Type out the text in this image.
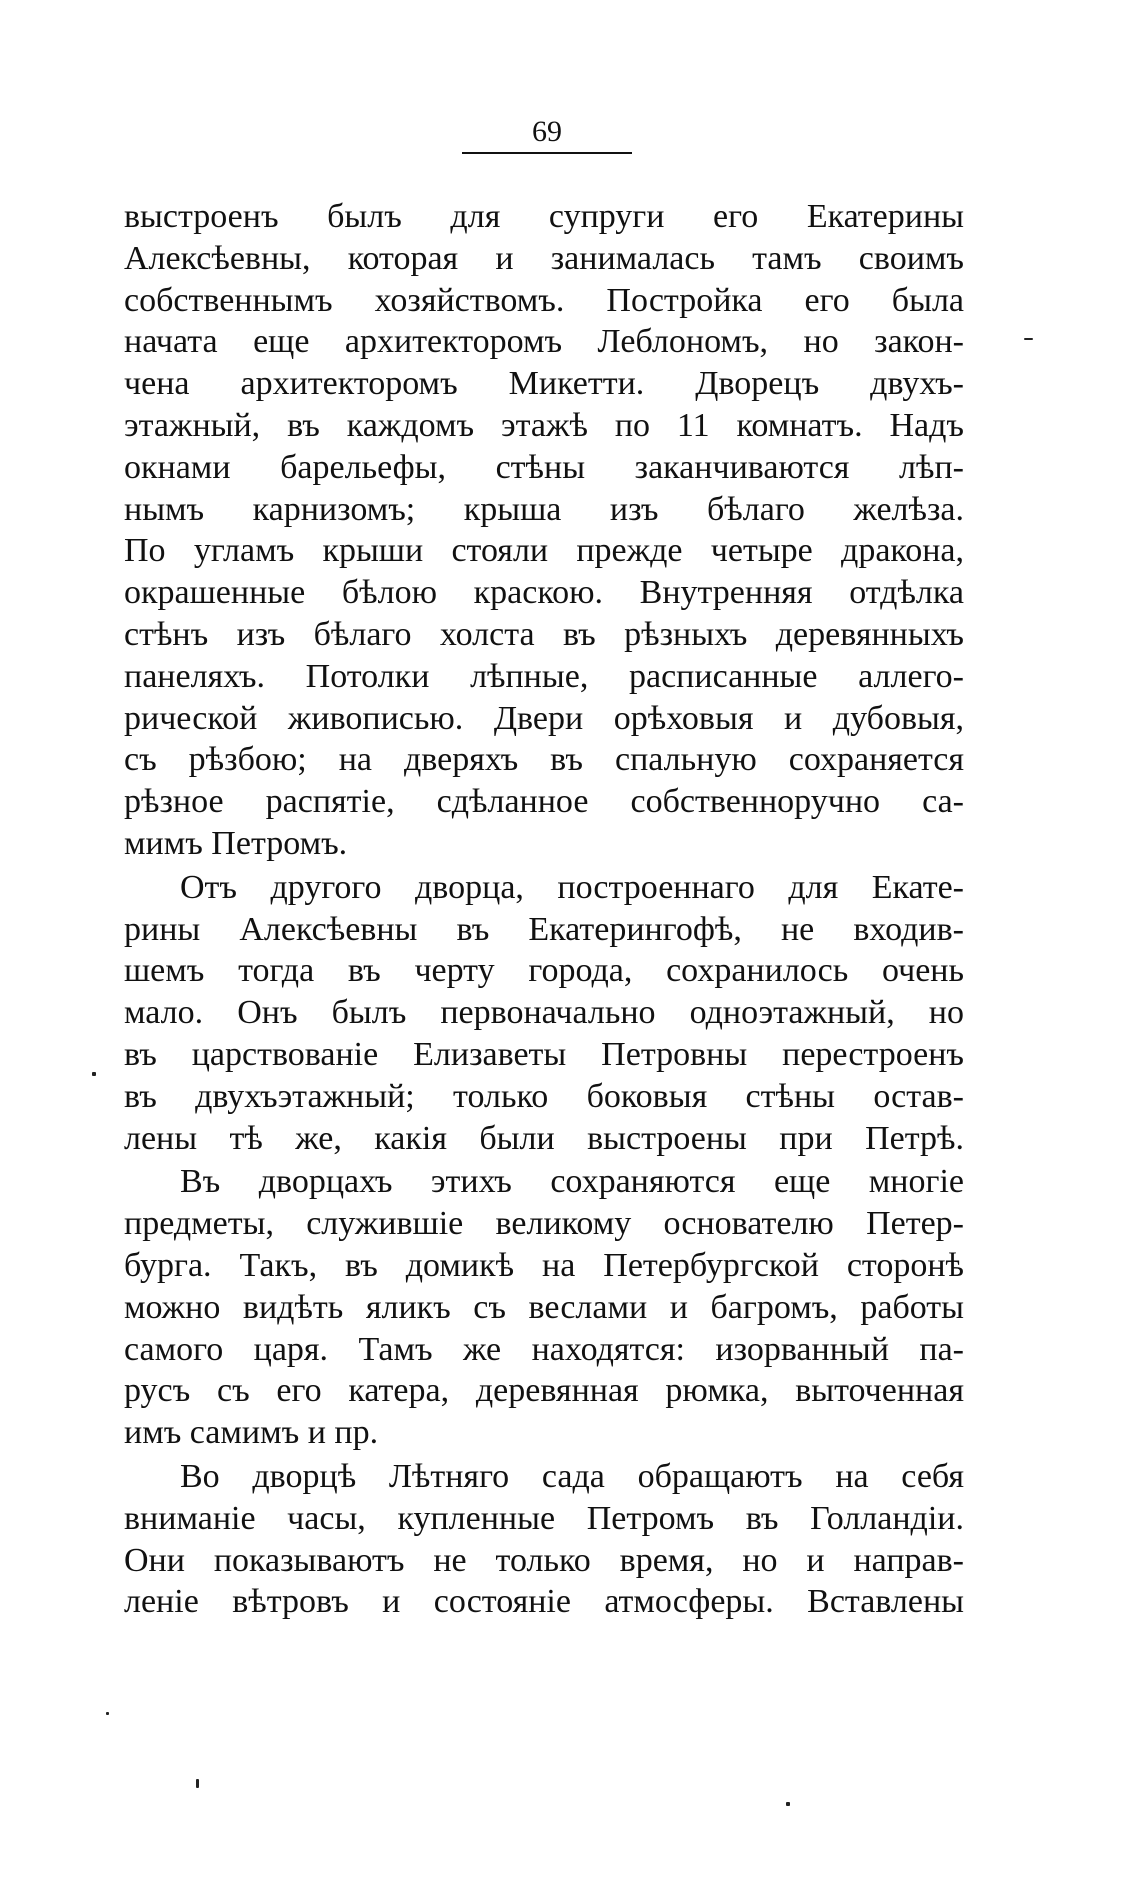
69
выстроенъ былъ для супруги его Екатерины
Алексѣевны, которая и занималась тамъ своимъ
собственнымъ хозяйствомъ. Постройка его была
начата еще архитекторомъ Леблономъ, но закон-
чена архитекторомъ Микетти. Дворецъ двухъ-
этажный, въ каждомъ этажѣ по 11 комнатъ. Надъ
окнами барельефы, стѣны заканчиваются лѣп-
нымъ карнизомъ; крыша изъ бѣлаго желѣза.
По угламъ крыши стояли прежде четыре дракона,
окрашенные бѣлою краскою. Внутренняя отдѣлка
стѣнъ изъ бѣлаго холста въ рѣзныхъ деревянныхъ
панеляхъ. Потолки лѣпные, расписанные аллего-
рической живописью. Двери орѣховыя и дубовыя,
съ рѣзбою; на дверяхъ въ спальную сохраняется
рѣзное распятіе, сдѣланное собственноручно са-
мимъ Петромъ.
Отъ другого дворца, построеннаго для Екате-
рины Алексѣевны въ Екатерингофѣ, не входив-
шемъ тогда въ черту города, сохранилось очень
мало. Онъ былъ первоначально одноэтажный, но
въ царствованіе Елизаветы Петровны перестроенъ
въ двухъэтажный; только боковыя стѣны остав-
лены тѣ же, какія были выстроены при Петрѣ.
Въ дворцахъ этихъ сохраняются еще многіе
предметы, служившіе великому основателю Петер-
бурга. Такъ, въ домикѣ на Петербургской сторонѣ
можно видѣть яликъ съ веслами и багромъ, работы
самого царя. Тамъ же находятся: изорванный па-
русъ съ его катера, деревянная рюмка, выточенная
имъ самимъ и пр.
Во дворцѣ Лѣтняго сада обращаютъ на себя
вниманіе часы, купленные Петромъ въ Голландіи.
Они показываютъ не только время, но и направ-
леніе вѣтровъ и состояніе атмосферы. Вставлены
